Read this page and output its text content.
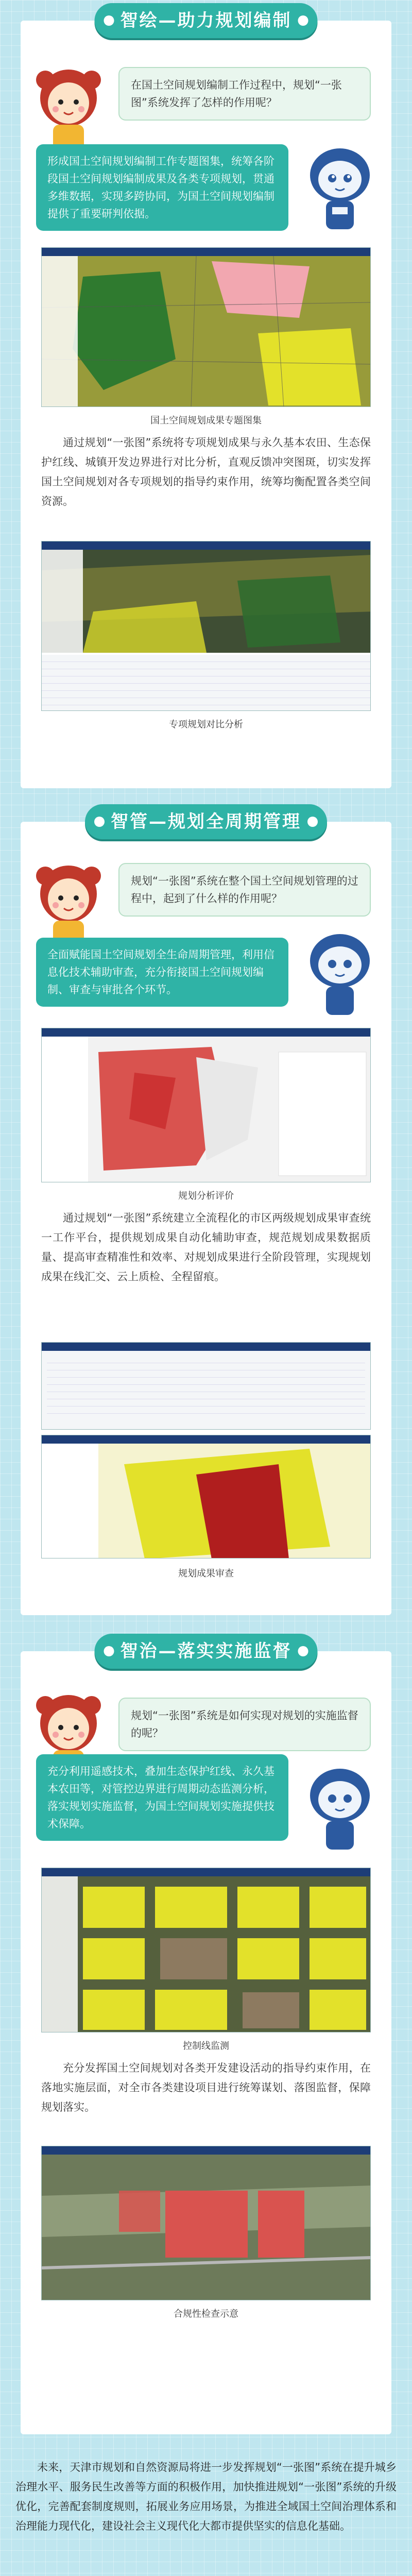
智绘—助力规划编制
在国土空间规划编制工作过程中，规划“一张图”系统发挥了怎样的作用呢？
形成国土空间规划编制工作专题图集，统筹各阶段国土空间规划编制成果及各类专项规划，贯通多维数据，实现多跨协同，为国土空间规划编制提供了重要研判依据。
国土空间规划成果专题图集
通过规划“一张图”系统将专项规划成果与永久基本农田、生态保护红线、城镇开发边界进行对比分析，直观反馈冲突图斑，切实发挥国土空间规划对各专项规划的指导约束作用，统筹均衡配置各类空间资源。
专项规划对比分析
智管—规划全周期管理
规划“一张图”系统在整个国土空间规划管理的过程中，起到了什么样的作用呢？
全面赋能国土空间规划全生命周期管理，利用信息化技术辅助审查，充分衔接国土空间规划编制、审查与审批各个环节。
规划分析评价
通过规划“一张图”系统建立全流程化的市区两级规划成果审查统一工作平台，提供规划成果自动化辅助审查，规范规划成果数据质量、提高审查精准性和效率、对规划成果进行全阶段管理，实现规划成果在线汇交、云上质检、全程留痕。
规划成果审查
智治—落实实施监督
规划“一张图”系统是如何实现对规划的实施监督的呢？
充分利用遥感技术，叠加生态保护红线、永久基本农田等，对管控边界进行周期动态监测分析，落实规划实施监督，为国土空间规划实施提供技术保障。
控制线监测
充分发挥国土空间规划对各类开发建设活动的指导约束作用，在落地实施层面，对全市各类建设项目进行统筹谋划、落图监督，保障规划落实。
合规性检查示意
未来，天津市规划和自然资源局将进一步发挥规划“一张图”系统在提升城乡治理水平、服务民生改善等方面的积极作用，加快推进规划“一张图”系统的升级优化，完善配套制度规则，拓展业务应用场景，为推进全域国土空间治理体系和治理能力现代化，建设社会主义现代化大都市提供坚实的信息化基础。
